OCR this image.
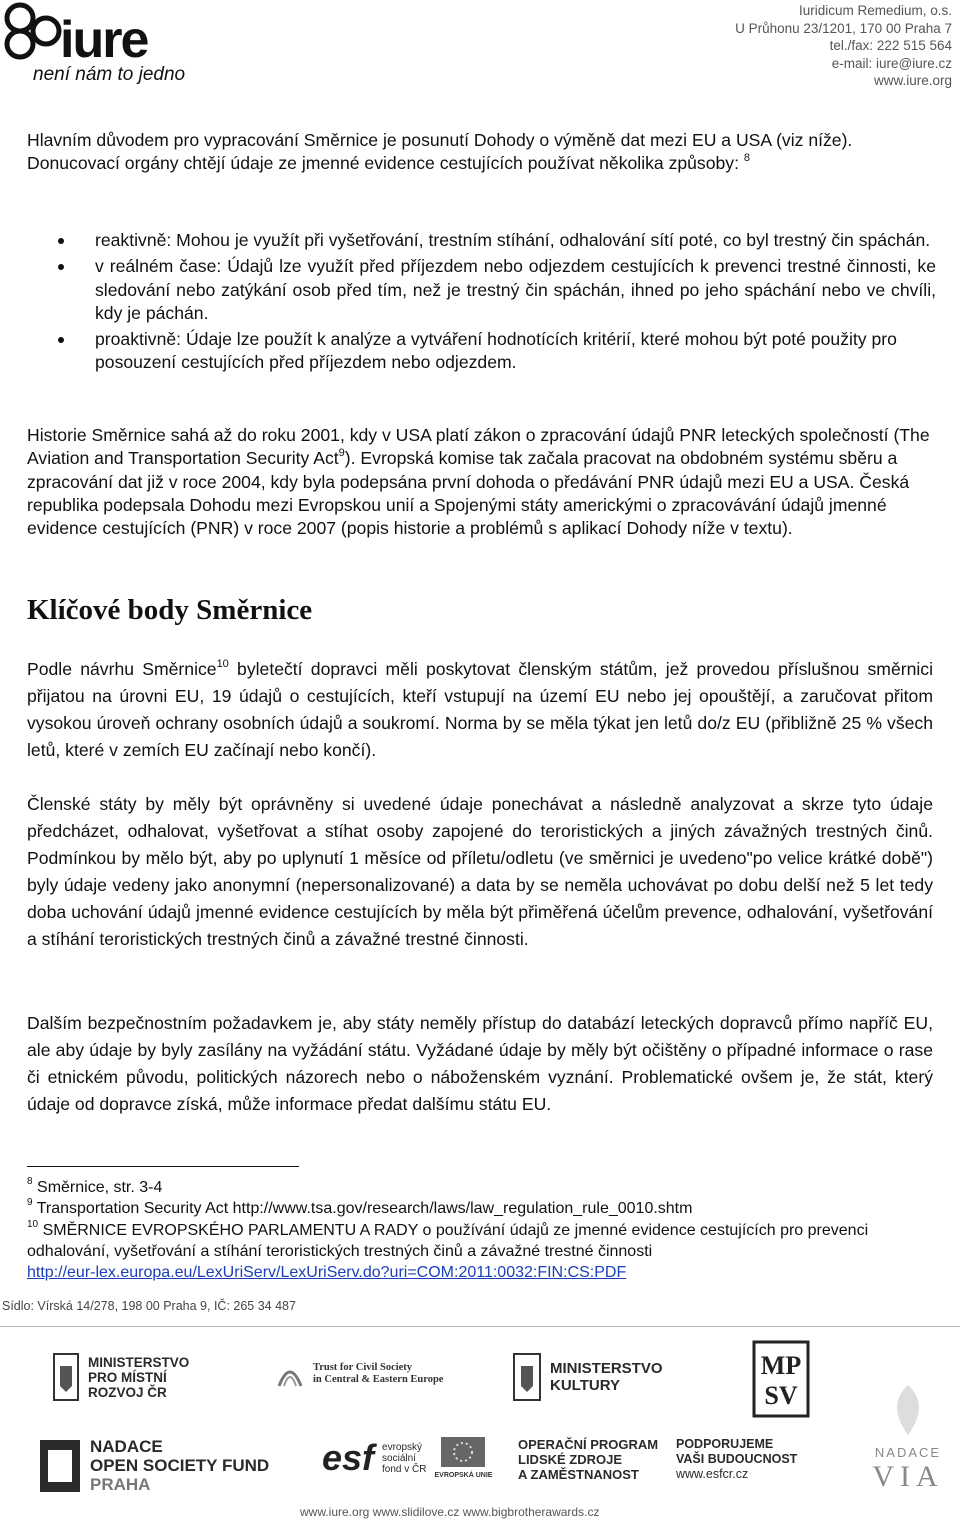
iure
není nám to jedno
Iuridicum Remedium, o.s.
U Průhonu 23/1201, 170 00 Praha 7
tel./fax: 222 515 564
e-mail: iure@iure.cz
www.iure.org
Hlavním důvodem pro vypracování Směrnice je posunutí Dohody o výměně dat mezi EU a USA (viz níže). Donucovací orgány chtějí údaje ze jmenné evidence cestujících používat několika způsoby: $^8$
reaktivně: Mohou je využít při vyšetřování, trestním stíhání, odhalování sítí poté, co byl trestný čin spáchán.
v reálném čase: Údajů lze využít před příjezdem nebo odjezdem cestujících k prevenci trestné činnosti, ke sledování nebo zatýkání osob před tím, než je trestný čin spáchán, ihned po jeho spáchání nebo ve chvíli, kdy je páchán.
proaktivně: Údaje lze použít k analýze a vytváření hodnotících kritérií, které mohou být poté použity pro posouzení cestujících před příjezdem nebo odjezdem.
Historie Směrnice sahá až do roku 2001, kdy v USA platí zákon o zpracování údajů PNR leteckých společností (The Aviation and Transportation Security Act$^9$). Evropská komise tak začala pracovat na obdobném systému sběru a zpracování dat již v roce 2004, kdy byla podepsána první dohoda o předávání PNR údajů mezi EU a USA. Česká republika podepsala Dohodu mezi Evropskou unií a Spojenými státy americkými o zpracovávání údajů jmenné evidence cestujících (PNR) v roce 2007 (popis historie a problémů s aplikací Dohody níže v textu).
Klíčové body Směrnice
Podle návrhu Směrnice$^{10}$ byletečtí dopravci měli poskytovat členským státům, jež provedou příslušnou směrnici přijatou na úrovni EU, 19 údajů o cestujících, kteří vstupují na území EU nebo jej opouštějí, a zaručovat přitom vysokou úroveň ochrany osobních údajů a soukromí. Norma by se měla týkat jen letů do/z EU (přibližně 25 % všech letů, které v zemích EU začínají nebo končí).
Členské státy by měly být oprávněny si uvedené údaje ponechávat a následně analyzovat a skrze tyto údaje předcházet, odhalovat, vyšetřovat a stíhat osoby zapojené do teroristických a jiných závažných trestných činů. Podmínkou by mělo být, aby po uplynutí 1 měsíce od příletu/odletu (ve směrnici je uvedeno"po velice krátké době") byly údaje vedeny jako anonymní (nepersonalizované) a data by se neměla uchovávat po dobu delší než 5 let tedy doba uchování údajů jmenné evidence cestujících by měla být přiměřená účelům prevence, odhalování, vyšetřování a stíhání teroristických trestných činů a závažné trestné činnosti.
Dalším bezpečnostním požadavkem je, aby státy neměly přístup do databází leteckých dopravců přímo napříč EU, ale aby údaje by byly zasílány na vyžádání státu. Vyžádané údaje by měly být očištěny o případné informace o rase či etnickém původu, politických názorech nebo o náboženském vyznání. Problematické ovšem je, že stát, který údaje od dopravce získá, může informace předat dalšímu státu EU.
$^8$ Směrnice, str. 3-4
$^9$ Transportation Security Act http://www.tsa.gov/research/laws/law_regulation_rule_0010.shtm
$^{10}$ SMĚRNICE EVROPSKÉHO PARLAMENTU A RADY o používání údajů ze jmenné evidence cestujících pro prevenci odhalování, vyšetřování a stíhání teroristických trestných činů a závažné trestné činnosti
http://eur-lex.europa.eu/LexUriServ/LexUriServ.do?uri=COM:2011:0032:FIN:CS:PDF
Sídlo: Vírská 14/278, 198 00 Praha 9, IČ: 265 34 487
MINISTERSTVO
PRO MÍSTNÍ
ROZVOJ ČR
Trust for Civil Society
in Central & Eastern Europe
MINISTERSTVO
KULTURY
MP
SV
NADACE
OPEN SOCIETY FUND
PRAHA
esf evropský
sociální
fond v ČR
EVROPSKÁ UNIE
OPERAČNÍ PROGRAM
LIDSKÉ ZDROJE
A ZAMĚSTNANOST
PODPORUJEME
VAŠI BUDOUCNOST
www.esfcr.cz
NADACE
VIA
www.iure.org www.slidilove.cz www.bigbrotherawards.cz
